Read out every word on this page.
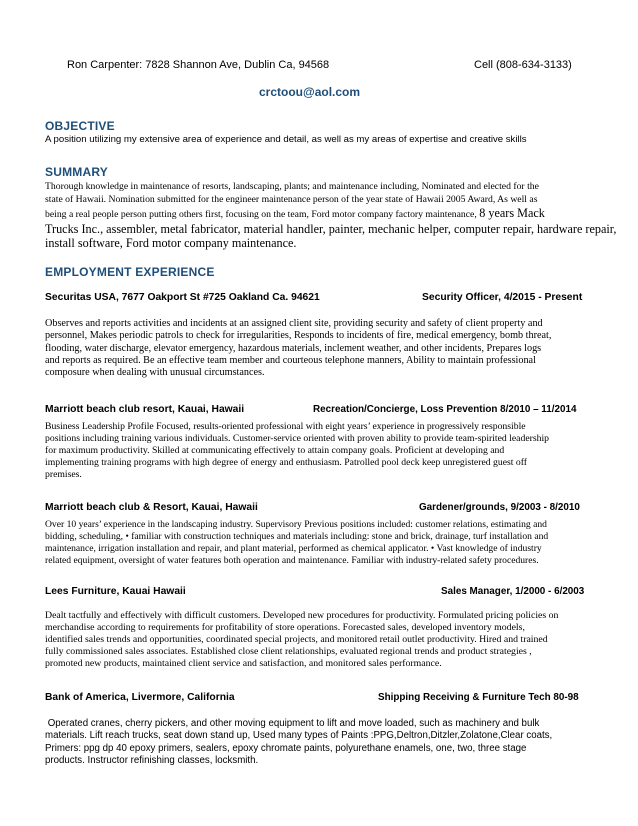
Ron Carpenter: 7828 Shannon Ave, Dublin Ca, 94568	Cell (808-634-3133)
crctoou@aol.com
OBJECTIVE
A position utilizing my extensive area of experience and detail, as well as my areas of expertise and creative skills
SUMMARY
Thorough knowledge in maintenance of resorts, landscaping, plants; and maintenance including, Nominated and elected for the
state of Hawaii. Nomination submitted for the engineer maintenance person of the year state of Hawaii 2005 Award, As well as
being a real people person putting others first, focusing on the team, Ford motor company factory maintenance, 8 years Mack
Trucks Inc., assembler, metal fabricator, material handler, painter, mechanic helper, computer repair, hardware repair,
install software, Ford motor company maintenance.
EMPLOYMENT EXPERIENCE
Securitas USA, 7677 Oakport St #725 Oakland Ca. 94621	Security Officer, 4/2015 - Present
Observes and reports activities and incidents at an assigned client site, providing security and safety of client property and
personnel, Makes periodic patrols to check for irregularities, Responds to incidents of fire, medical emergency, bomb threat,
flooding, water discharge, elevator emergency, hazardous materials, inclement weather, and other incidents, Prepares logs
and reports as required. Be an effective team member and courteous telephone manners, Ability to maintain professional
composure when dealing with unusual circumstances.
Marriott beach club resort, Kauai, Hawaii	Recreation/Concierge, Loss Prevention 8/2010 – 11/2014
Business Leadership Profile Focused, results-oriented professional with eight years’ experience in progressively responsible
positions including training various individuals. Customer-service oriented with proven ability to provide team-spirited leadership
for maximum productivity. Skilled at communicating effectively to attain company goals. Proficient at developing and
implementing training programs with high degree of energy and enthusiasm. Patrolled pool deck keep unregistered guest off
premises.
Marriott beach club & Resort, Kauai, Hawaii	Gardener/grounds, 9/2003 - 8/2010
Over 10 years’ experience in the landscaping industry. Supervisory Previous positions included: customer relations, estimating and
bidding, scheduling, • familiar with construction techniques and materials including: stone and brick, drainage, turf installation and
maintenance, irrigation installation and repair, and plant material, performed as chemical applicator. • Vast knowledge of industry
related equipment, oversight of water features both operation and maintenance. Familiar with industry-related safety procedures.
Lees Furniture, Kauai Hawaii	Sales Manager, 1/2000 - 6/2003
Dealt tactfully and effectively with difficult customers. Developed new procedures for productivity. Formulated pricing policies on
merchandise according to requirements for profitability of store operations. Forecasted sales, developed inventory models,
identified sales trends and opportunities, coordinated special projects, and monitored retail outlet productivity. Hired and trained
fully commissioned sales associates. Established close client relationships, evaluated regional trends and product strategies ,
promoted new products, maintained client service and satisfaction, and monitored sales performance.
Bank of America, Livermore, California	Shipping Receiving & Furniture Tech 80-98
Operated cranes, cherry pickers, and other moving equipment to lift and move loaded, such as machinery and bulk
materials. Lift reach trucks, seat down stand up, Used many types of Paints :PPG,Deltron,Ditzler,Zolatone,Clear coats,
Primers: ppg dp 40 epoxy primers, sealers, epoxy chromate paints, polyurethane enamels, one, two, three stage
products. Instructor refinishing classes, locksmith.
